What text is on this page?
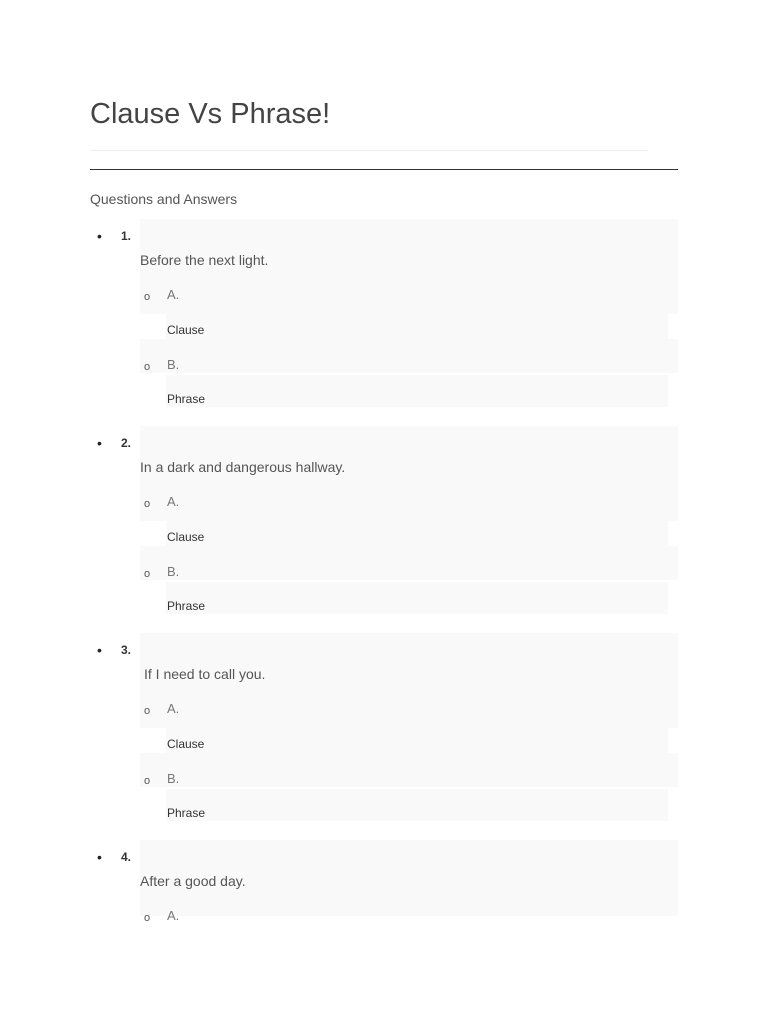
Clause Vs Phrase!
Questions and Answers
• 1.
Before the next light.
o A.
Clause
o B.
Phrase
• 2.
In a dark and dangerous hallway.
o A.
Clause
o B.
Phrase
• 3.
If I need to call you.
o A.
Clause
o B.
Phrase
• 4.
After a good day.
o A.
